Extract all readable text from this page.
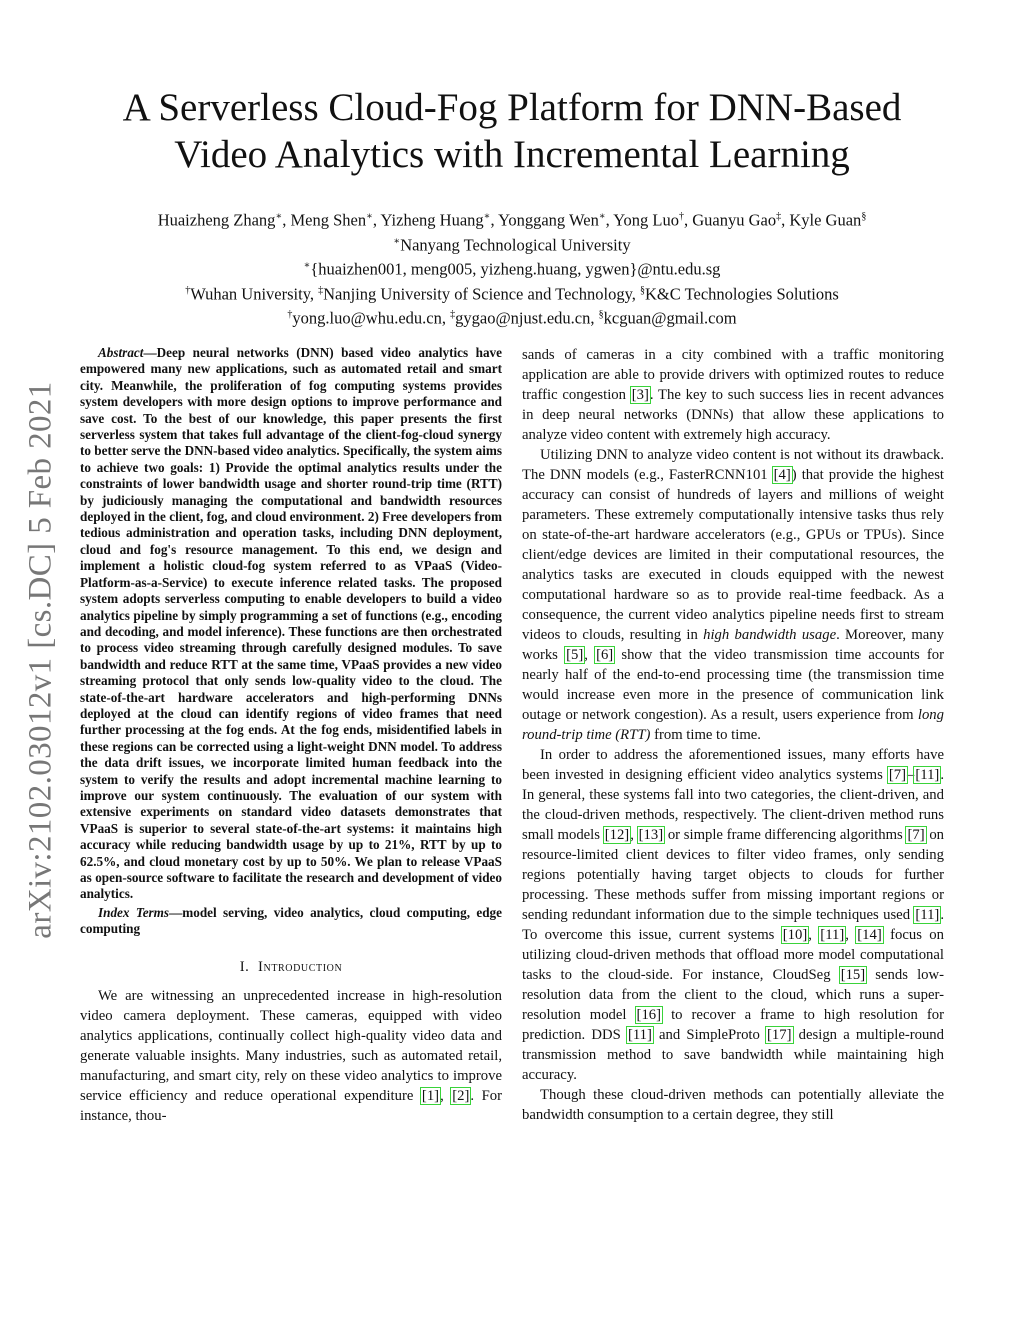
arXiv:2102.03012v1 [cs.DC] 5 Feb 2021
A Serverless Cloud-Fog Platform for DNN-Based
Video Analytics with Incremental Learning
Huaizheng Zhang∗, Meng Shen∗, Yizheng Huang∗, Yonggang Wen∗, Yong Luo†, Guanyu Gao‡, Kyle Guan§
∗Nanyang Technological University
∗{huaizhen001, meng005, yizheng.huang, ygwen}@ntu.edu.sg
†Wuhan University, ‡Nanjing University of Science and Technology, §K&C Technologies Solutions
†yong.luo@whu.edu.cn, ‡gygao@njust.edu.cn, §kcguan@gmail.com

Abstract—Deep neural networks (DNN) based video analytics have empowered many new applications, such as automated retail and smart city. Meanwhile, the proliferation of fog computing systems provides system developers with more design options to improve performance and save cost. To the best of our knowledge, this paper presents the first serverless system that takes full advantage of the client-fog-cloud synergy to better serve the DNN-based video analytics. Specifically, the system aims to achieve two goals: 1) Provide the optimal analytics results under the constraints of lower bandwidth usage and shorter round-trip time (RTT) by judiciously managing the computational and bandwidth resources deployed in the client, fog, and cloud environment. 2) Free developers from tedious administration and operation tasks, including DNN deployment, cloud and fog's resource management. To this end, we design and implement a holistic cloud-fog system referred to as VPaaS (Video-Platform-as-a-Service) to execute inference related tasks. The proposed system adopts serverless computing to enable developers to build a video analytics pipeline by simply programming a set of functions (e.g., encoding and decoding, and model inference). These functions are then orchestrated to process video streaming through carefully designed modules. To save bandwidth and reduce RTT at the same time, VPaaS provides a new video streaming protocol that only sends low-quality video to the cloud. The state-of-the-art hardware accelerators and high-performing DNNs deployed at the cloud can identify regions of video frames that need further processing at the fog ends. At the fog ends, misidentified labels in these regions can be corrected using a light-weight DNN model. To address the data drift issues, we incorporate limited human feedback into the system to verify the results and adopt incremental machine learning to improve our system continuously. The evaluation of our system with extensive experiments on standard video datasets demonstrates that VPaaS is superior to several state-of-the-art systems: it maintains high accuracy while reducing bandwidth usage by up to 21%, RTT by up to 62.5%, and cloud monetary cost by up to 50%. We plan to release VPaaS as open-source software to facilitate the research and development of video analytics.

Index Terms—model serving, video analytics, cloud computing, edge computing

I. Introduction

We are witnessing an unprecedented increase in high-resolution video camera deployment. These cameras, equipped with video analytics applications, continually collect high-quality video data and generate valuable insights. Many industries, such as automated retail, manufacturing, and smart city, rely on these video analytics to improve service efficiency and reduce operational expenditure [1], [2]. For instance, thou-

sands of cameras in a city combined with a traffic monitoring application are able to provide drivers with optimized routes to reduce traffic congestion [3]. The key to such success lies in recent advances in deep neural networks (DNNs) that allow these applications to analyze video content with extremely high accuracy.

Utilizing DNN to analyze video content is not without its drawback. The DNN models (e.g., FasterRCNN101 [4]) that provide the highest accuracy can consist of hundreds of layers and millions of weight parameters. These extremely computationally intensive tasks thus rely on state-of-the-art hardware accelerators (e.g., GPUs or TPUs). Since client/edge devices are limited in their computational resources, the analytics tasks are executed in clouds equipped with the newest computational hardware so as to provide real-time feedback. As a consequence, the current video analytics pipeline needs first to stream videos to clouds, resulting in high bandwidth usage. Moreover, many works [5], [6] show that the video transmission time accounts for nearly half of the end-to-end processing time (the transmission time would increase even more in the presence of communication link outage or network congestion). As a result, users experience from long round-trip time (RTT) from time to time.

In order to address the aforementioned issues, many efforts have been invested in designing efficient video analytics systems [7]–[11]. In general, these systems fall into two categories, the client-driven, and the cloud-driven methods, respectively. The client-driven method runs small models [12], [13] or simple frame differencing algorithms [7] on resource-limited client devices to filter video frames, only sending regions potentially having target objects to clouds for further processing. These methods suffer from missing important regions or sending redundant information due to the simple techniques used [11]. To overcome this issue, current systems [10], [11], [14] focus on utilizing cloud-driven methods that offload more model computational tasks to the cloud-side. For instance, CloudSeg [15] sends low-resolution data from the client to the cloud, which runs a super-resolution model [16] to recover a frame to high resolution for prediction. DDS [11] and SimpleProto [17] design a multiple-round transmission method to save bandwidth while maintaining high accuracy.

Though these cloud-driven methods can potentially alleviate the bandwidth consumption to a certain degree, they still
